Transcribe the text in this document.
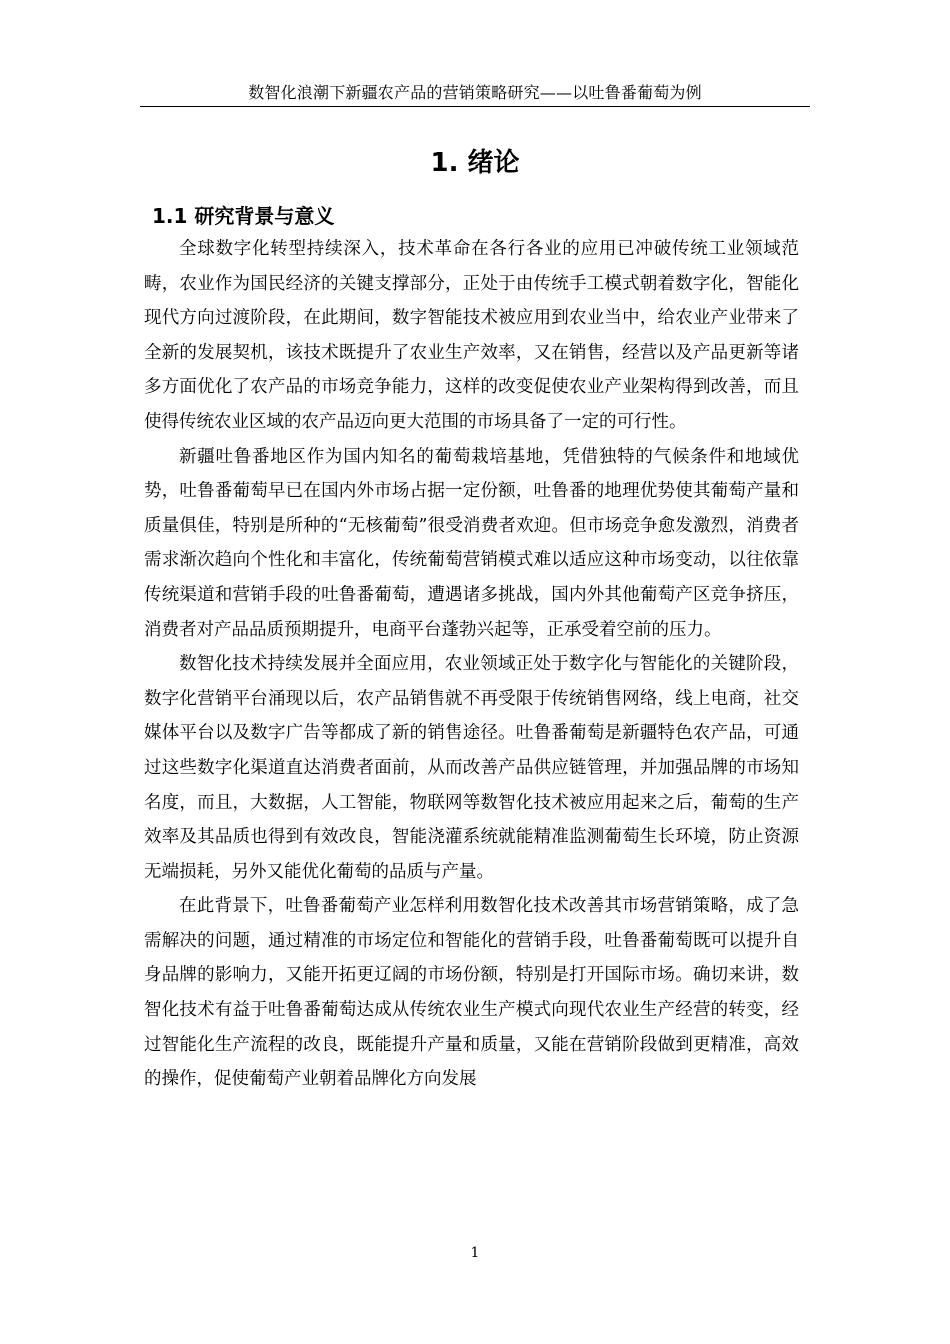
数智化浪潮下新疆农产品的营销策略研究——以吐鲁番葡萄为例
1. 绪论
1.1 研究背景与意义

全球数字化转型持续深入，技术革命在各行各业的应用已冲破传统工业领域范畴，农业作为国民经济的关键支撑部分，正处于由传统手工模式朝着数字化，智能化现代方向过渡阶段，在此期间，数字智能技术被应用到农业当中，给农业产业带来了全新的发展契机，该技术既提升了农业生产效率，又在销售，经营以及产品更新等诸多方面优化了农产品的市场竞争能力，这样的改变促使农业产业架构得到改善，而且使得传统农业区域的农产品迈向更大范围的市场具备了一定的可行性。

新疆吐鲁番地区作为国内知名的葡萄栽培基地，凭借独特的气候条件和地域优势，吐鲁番葡萄早已在国内外市场占据一定份额，吐鲁番的地理优势使其葡萄产量和质量俱佳，特别是所种的“无核葡萄”很受消费者欢迎。但市场竞争愈发激烈，消费者需求渐次趋向个性化和丰富化，传统葡萄营销模式难以适应这种市场变动，以往依靠传统渠道和营销手段的吐鲁番葡萄，遭遇诸多挑战，国内外其他葡萄产区竞争挤压，消费者对产品品质预期提升，电商平台蓬勃兴起等，正承受着空前的压力。

数智化技术持续发展并全面应用，农业领域正处于数字化与智能化的关键阶段，数字化营销平台涌现以后，农产品销售就不再受限于传统销售网络，线上电商，社交媒体平台以及数字广告等都成了新的销售途径。吐鲁番葡萄是新疆特色农产品，可通过这些数字化渠道直达消费者面前，从而改善产品供应链管理，并加强品牌的市场知名度，而且，大数据，人工智能，物联网等数智化技术被应用起来之后，葡萄的生产效率及其品质也得到有效改良，智能浇灌系统就能精准监测葡萄生长环境，防止资源无端损耗，另外又能优化葡萄的品质与产量。

在此背景下，吐鲁番葡萄产业怎样利用数智化技术改善其市场营销策略，成了急需解决的问题，通过精准的市场定位和智能化的营销手段，吐鲁番葡萄既可以提升自身品牌的影响力，又能开拓更辽阔的市场份额，特别是打开国际市场。确切来讲，数智化技术有益于吐鲁番葡萄达成从传统农业生产模式向现代农业生产经营的转变，经过智能化生产流程的改良，既能提升产量和质量，又能在营销阶段做到更精准，高效的操作，促使葡萄产业朝着品牌化方向发展

1
